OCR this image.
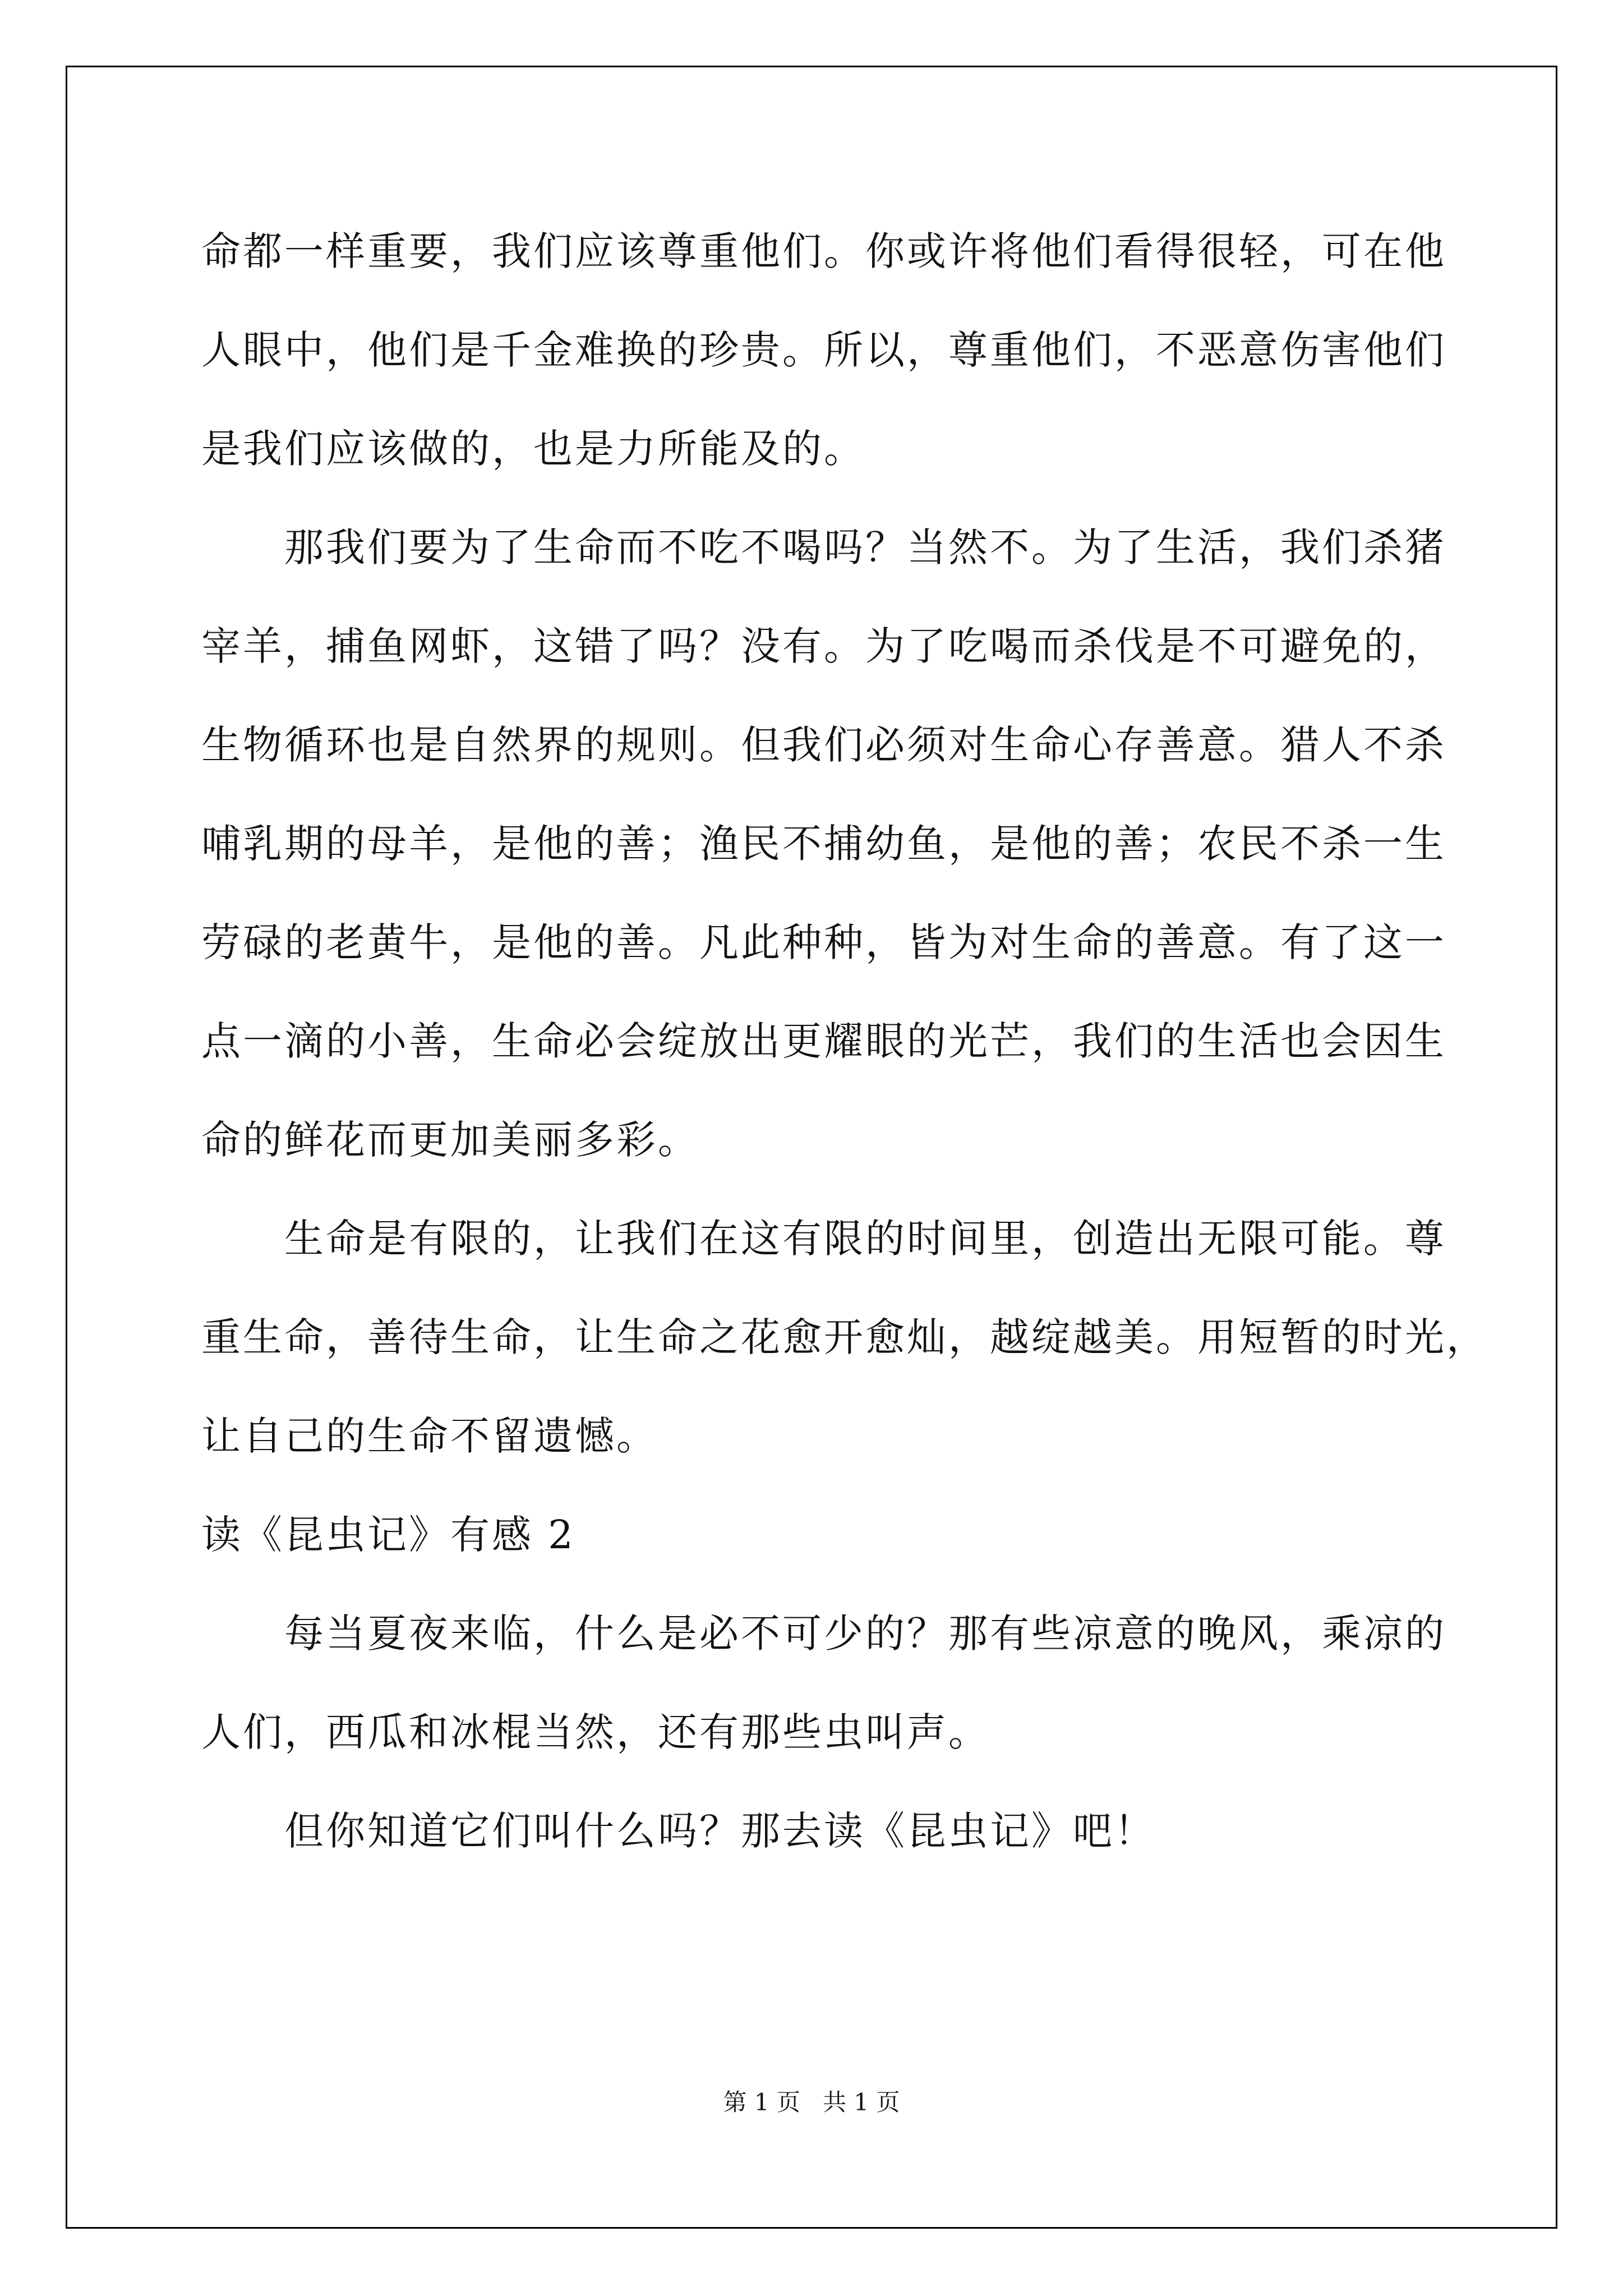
命都一样重要，我们应该尊重他们。你或许将他们看得很轻，可在他
人眼中，他们是千金难换的珍贵。所以，尊重他们，不恶意伤害他们
是我们应该做的，也是力所能及的。
那我们要为了生命而不吃不喝吗？当然不。为了生活，我们杀猪
宰羊，捕鱼网虾，这错了吗？没有。为了吃喝而杀伐是不可避免的，
生物循环也是自然界的规则。但我们必须对生命心存善意。猎人不杀
哺乳期的母羊，是他的善；渔民不捕幼鱼，是他的善；农民不杀一生
劳碌的老黄牛，是他的善。凡此种种，皆为对生命的善意。有了这一
点一滴的小善，生命必会绽放出更耀眼的光芒，我们的生活也会因生
命的鲜花而更加美丽多彩。
生命是有限的，让我们在这有限的时间里，创造出无限可能。尊
重生命，善待生命，让生命之花愈开愈灿，越绽越美。用短暂的时光，
让自己的生命不留遗憾。
读《昆虫记》有感 2
每当夏夜来临，什么是必不可少的？那有些凉意的晚风，乘凉的
人们，西瓜和冰棍当然，还有那些虫叫声。
但你知道它们叫什么吗？那去读《昆虫记》吧！
第 1 页   共 1 页
